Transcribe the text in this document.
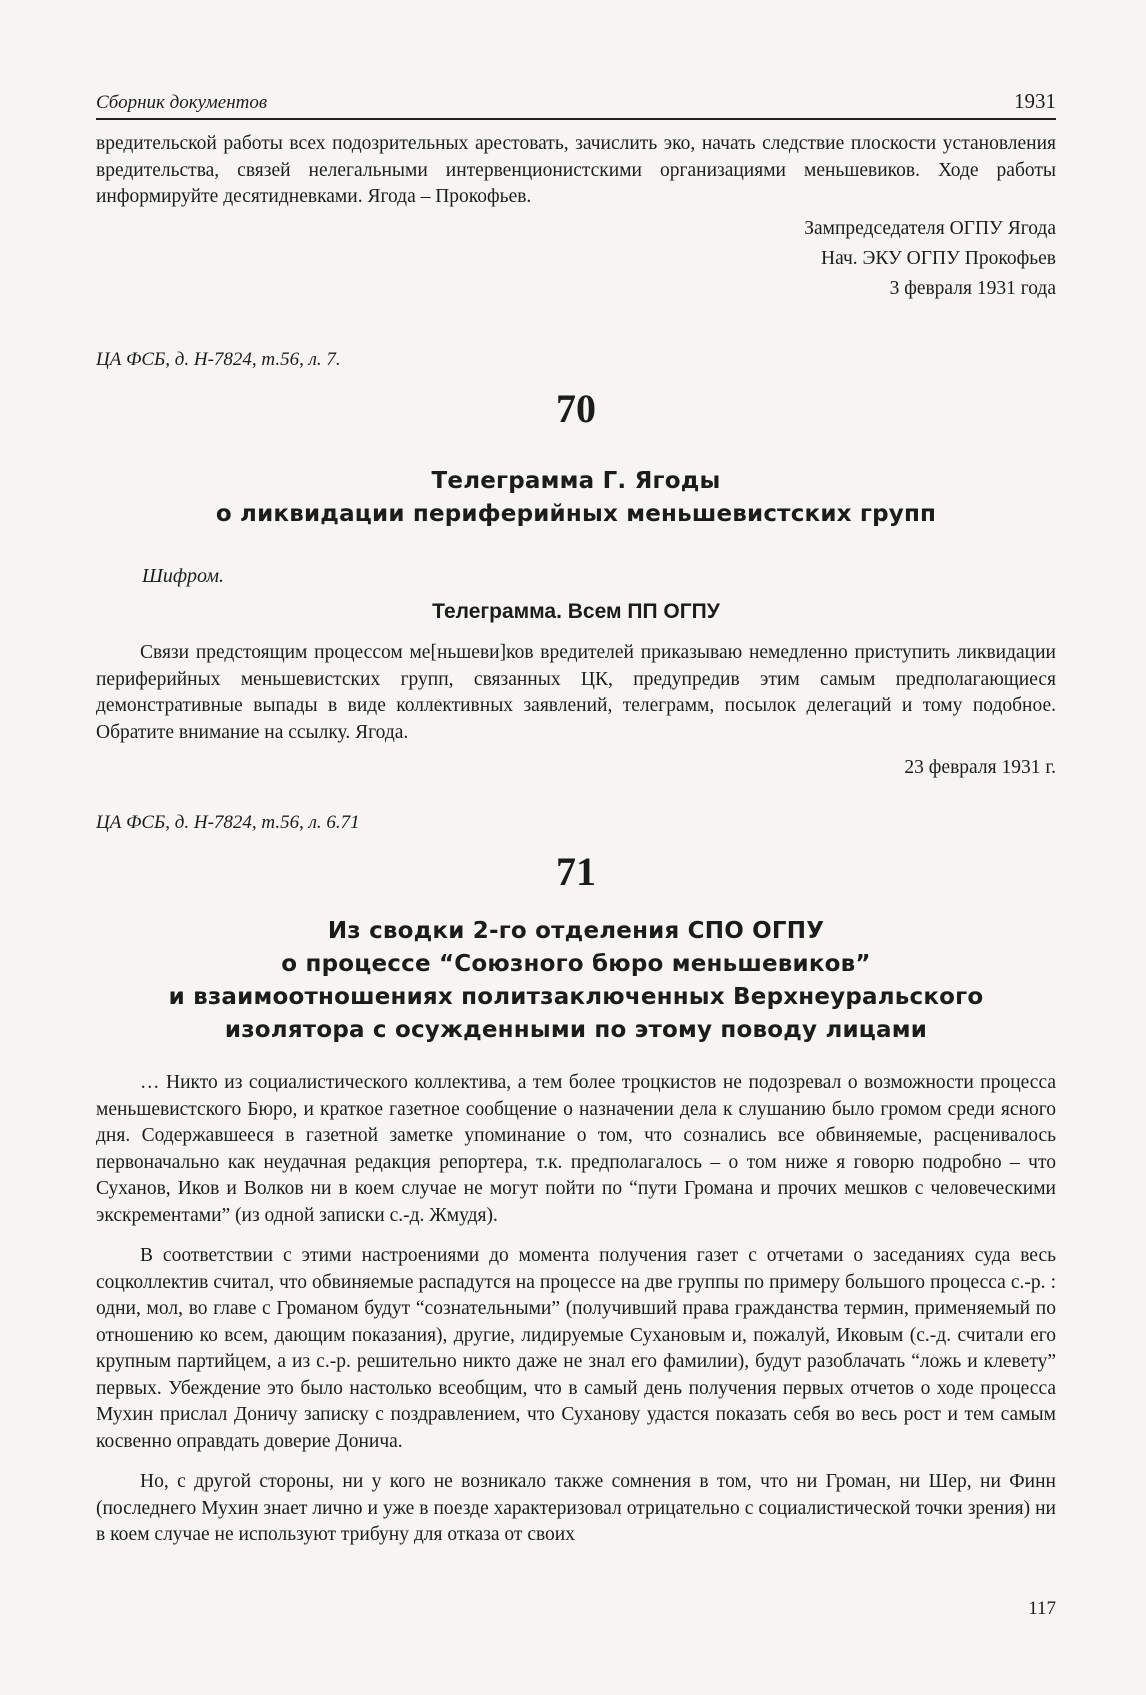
Сборник документов	1931

вредительской работы всех подозрительных арестовать, зачислить эко, начать следствие плоскости установления вредительства, связей нелегальными интервенционистскими организациями меньшевиков. Ходе работы информируйте десятидневками. Ягода – Прокофьев.

Зампредседателя ОГПУ Ягода

Нач. ЭКУ ОГПУ Прокофьев

3 февраля 1931 года

ЦА ФСБ, д. Н-7824, т.56, л. 7.

70

Телеграмма Г. Ягоды

о ликвидации периферийных меньшевистских групп

Шифром.

Телеграмма. Всем ПП ОГПУ

Связи предстоящим процессом ме[ньшеви]ков вредителей приказываю немедленно приступить ликвидации периферийных меньшевистских групп, связанных ЦК, предупредив этим самым предполагающиеся демонстративные выпады в виде коллективных заявлений, телеграмм, посылок делегаций и тому подобное. Обратите внимание на ссылку. Ягода.

23 февраля 1931 г.

ЦА ФСБ, д. Н-7824, т.56, л. 6.71

71

Из сводки 2-го отделения СПО ОГПУ

о процессе “Союзного бюро меньшевиков”

и взаимоотношениях политзаключенных Верхнеуральского

изолятора с осужденными по этому поводу лицами

… Никто из социалистического коллектива, а тем более троцкистов не подозревал о возможности процесса меньшевистского Бюро, и краткое газетное сообщение о назначении дела к слушанию было громом среди ясного дня. Содержавшееся в газетной заметке упоминание о том, что сознались все обвиняемые, расценивалось первоначально как неудачная редакция репортера, т.к. предполагалось – о том ниже я говорю подробно – что Суханов, Иков и Волков ни в коем случае не могут пойти по “пути Громана и прочих мешков с человеческими экскрементами” (из одной записки с.-д. Жмудя).

В соответствии с этими настроениями до момента получения газет с отчетами о заседаниях суда весь соцколлектив считал, что обвиняемые распадутся на процессе на две группы по примеру большого процесса с.-р. : одни, мол, во главе с Громаном будут “сознательными” (получивший права гражданства термин, применяемый по отношению ко всем, дающим показания), другие, лидируемые Сухановым и, пожалуй, Иковым (с.-д. считали его крупным партийцем, а из с.-р. решительно никто даже не знал его фамилии), будут разоблачать “ложь и клевету” первых. Убеждение это было настолько всеобщим, что в самый день получения первых отчетов о ходе процесса Мухин прислал Доничу записку с поздравлением, что Суханову удастся показать себя во весь рост и тем самым косвенно оправдать доверие Донича.

Но, с другой стороны, ни у кого не возникало также сомнения в том, что ни Громан, ни Шер, ни Финн (последнего Мухин знает лично и уже в поезде характеризовал отрицательно с социалистической точки зрения) ни в коем случае не используют трибуну для отказа от своих

117
